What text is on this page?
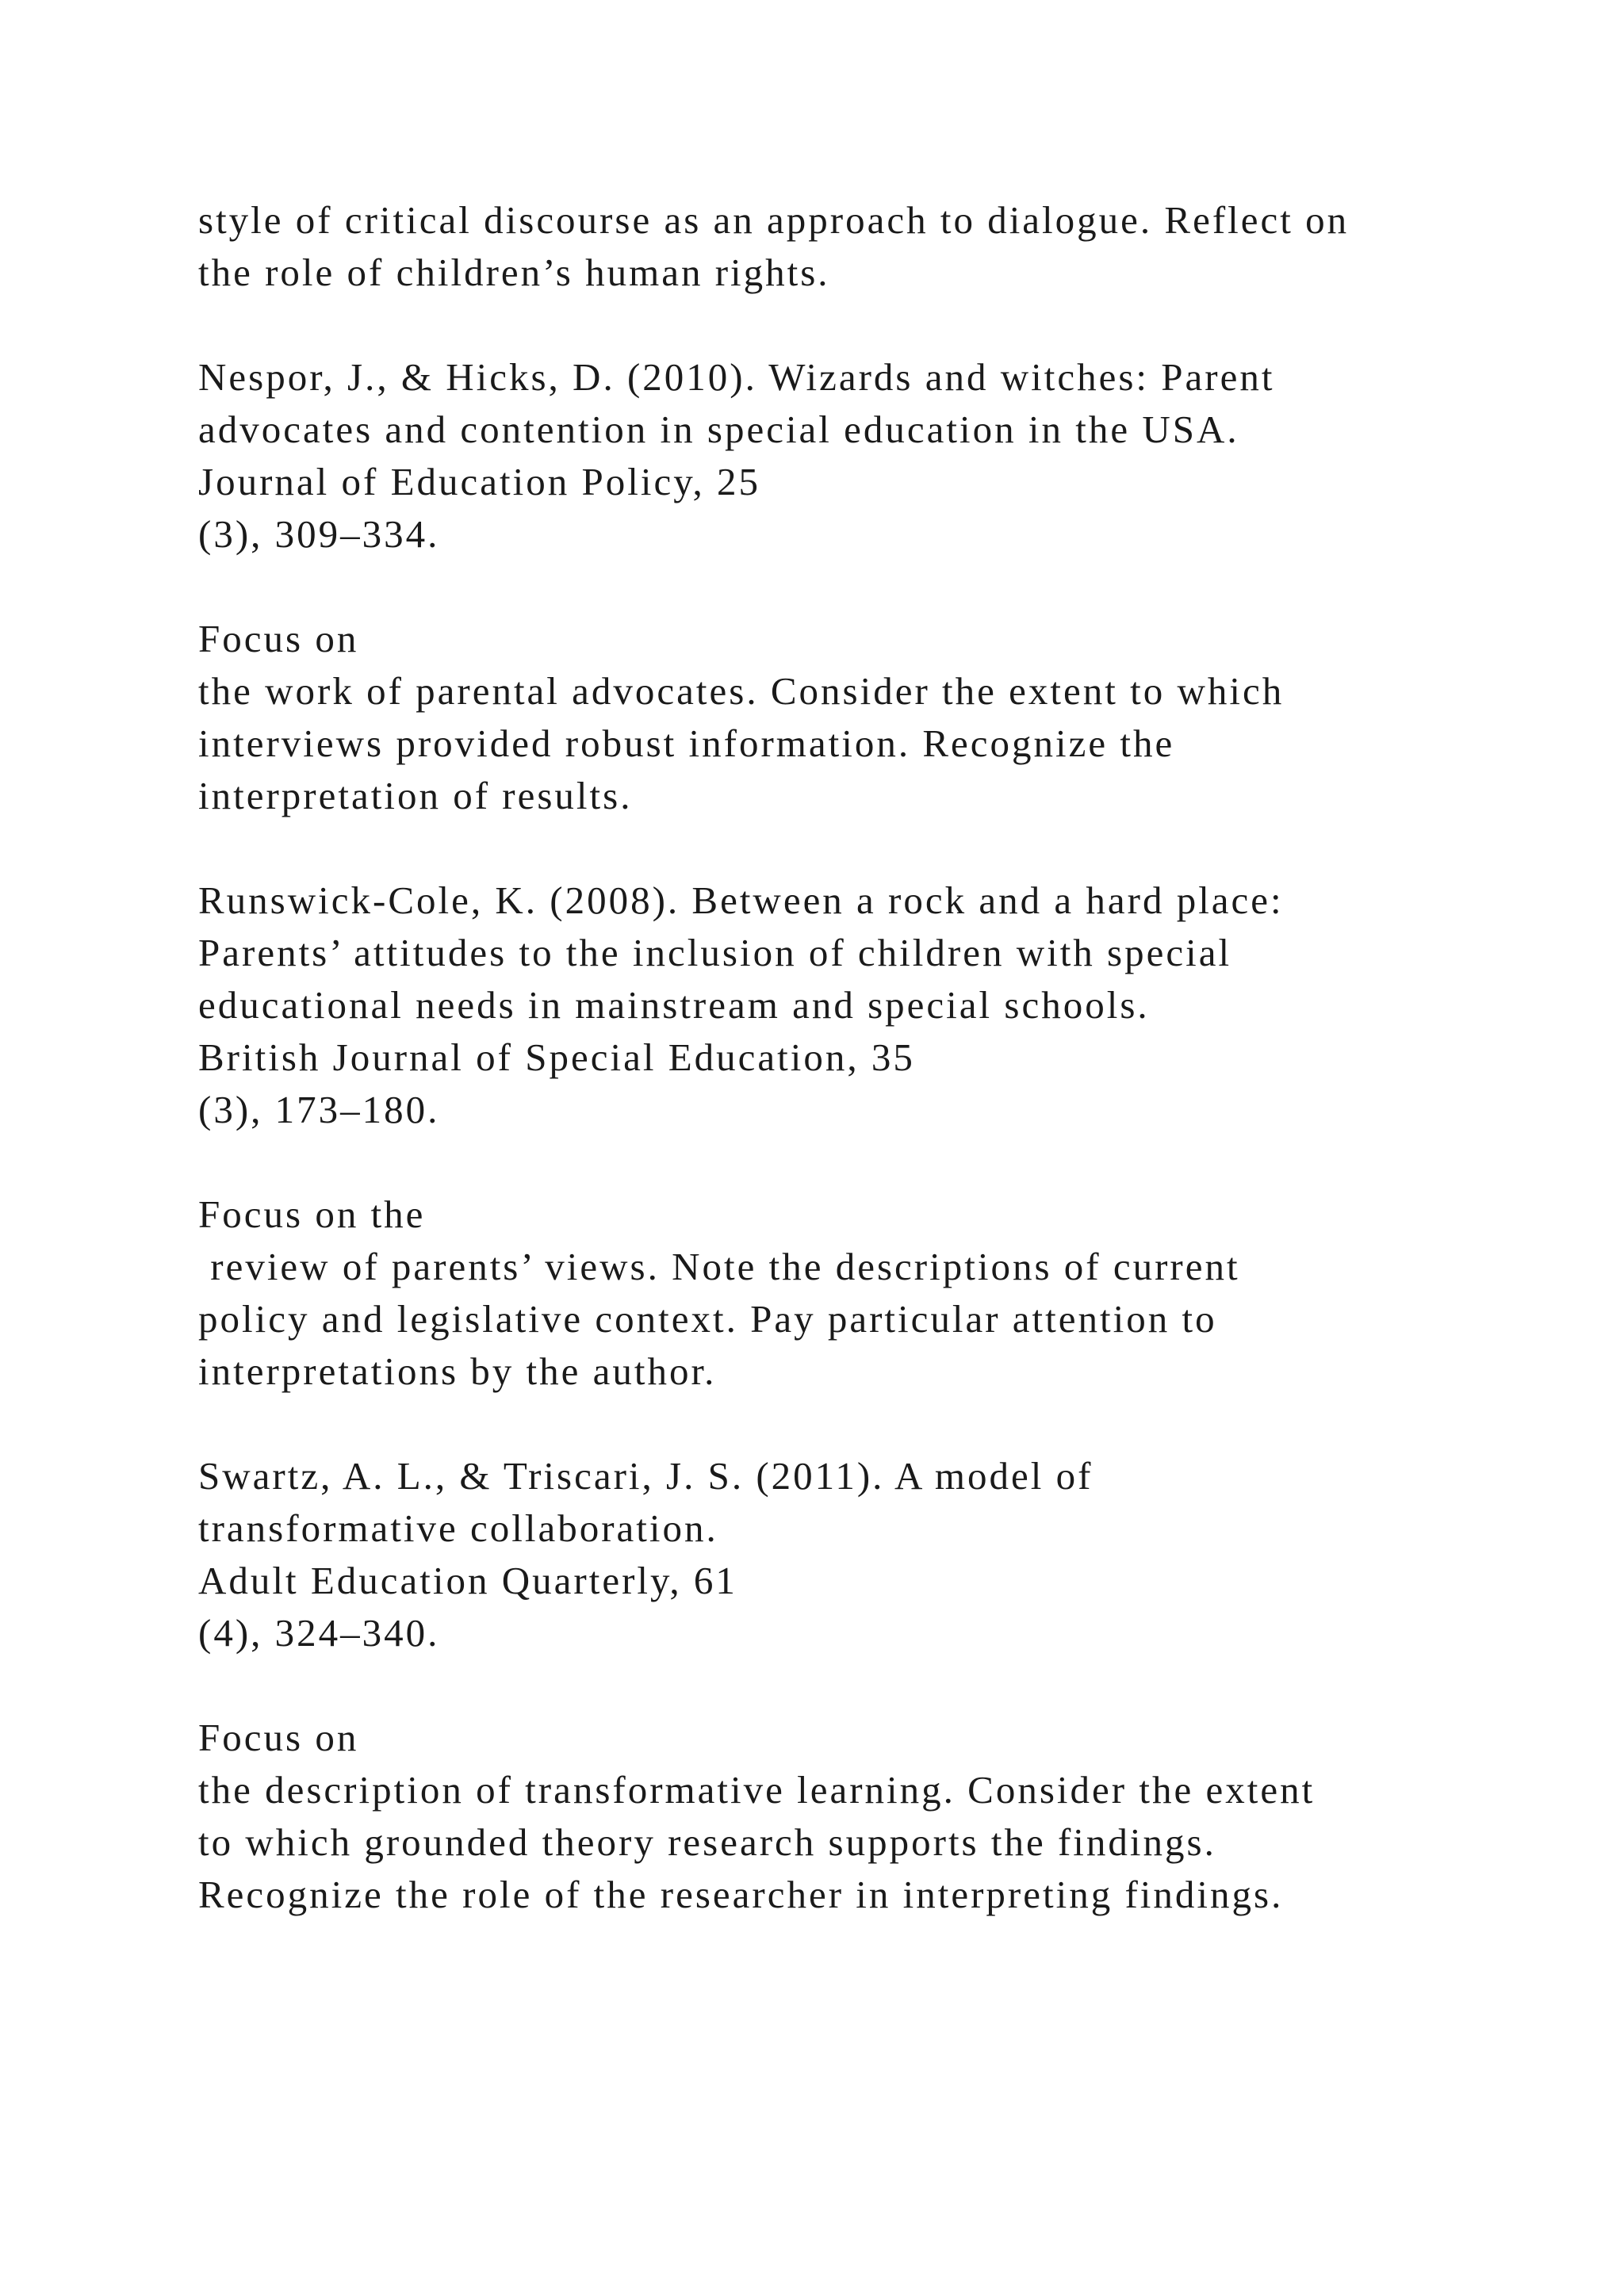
style of critical discourse as an approach to dialogue. Reflect on
the role of children’s human rights.
Nespor, J., & Hicks, D. (2010). Wizards and witches: Parent
advocates and contention in special education in the USA.
Journal of Education Policy, 25
(3), 309–334.
Focus on
the work of parental advocates. Consider the extent to which
interviews provided robust information. Recognize the
interpretation of results.
Runswick-Cole, K. (2008). Between a rock and a hard place:
Parents’ attitudes to the inclusion of children with special
educational needs in mainstream and special schools.
British Journal of Special Education, 35
(3), 173–180.
Focus on the
review of parents’ views. Note the descriptions of current
policy and legislative context. Pay particular attention to
interpretations by the author.
Swartz, A. L., & Triscari, J. S. (2011). A model of
transformative collaboration.
Adult Education Quarterly, 61
(4), 324–340.
Focus on
the description of transformative learning. Consider the extent
to which grounded theory research supports the findings.
Recognize the role of the researcher in interpreting findings.
